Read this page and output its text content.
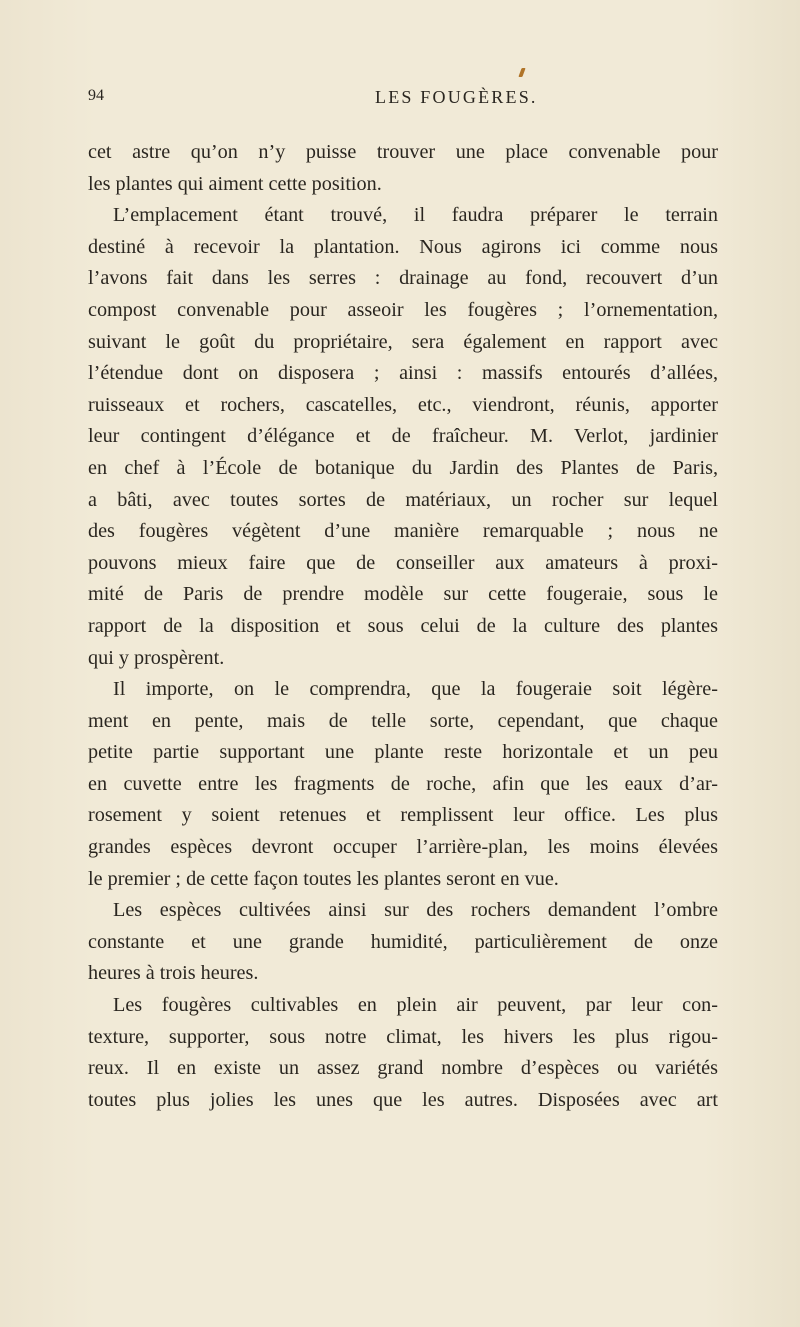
94	LES FOUGÈRES.
cet astre qu’on n’y puisse trouver une place convenable pour
les plantes qui aiment cette position.
L’emplacement étant trouvé, il faudra préparer le terrain
destiné à recevoir la plantation. Nous agirons ici comme nous
l’avons fait dans les serres : drainage au fond, recouvert d’un
compost convenable pour asseoir les fougères ; l’ornementation,
suivant le goût du propriétaire, sera également en rapport avec
l’étendue dont on disposera ; ainsi : massifs entourés d’allées,
ruisseaux et rochers, cascatelles, etc., viendront, réunis, apporter
leur contingent d’élégance et de fraîcheur. M. Verlot, jardinier
en chef à l’École de botanique du Jardin des Plantes de Paris,
a bâti, avec toutes sortes de matériaux, un rocher sur lequel
des fougères végètent d’une manière remarquable ; nous ne
pouvons mieux faire que de conseiller aux amateurs à proxi-
mité de Paris de prendre modèle sur cette fougeraie, sous le
rapport de la disposition et sous celui de la culture des plantes
qui y prospèrent.
Il importe, on le comprendra, que la fougeraie soit légère-
ment en pente, mais de telle sorte, cependant, que chaque
petite partie supportant une plante reste horizontale et un peu
en cuvette entre les fragments de roche, afin que les eaux d’ar-
rosement y soient retenues et remplissent leur office. Les plus
grandes espèces devront occuper l’arrière-plan, les moins élevées
le premier ; de cette façon toutes les plantes seront en vue.
Les espèces cultivées ainsi sur des rochers demandent l’ombre
constante et une grande humidité, particulièrement de onze
heures à trois heures.
Les fougères cultivables en plein air peuvent, par leur con-
texture, supporter, sous notre climat, les hivers les plus rigou-
reux. Il en existe un assez grand nombre d’espèces ou variétés
toutes plus jolies les unes que les autres. Disposées avec art
